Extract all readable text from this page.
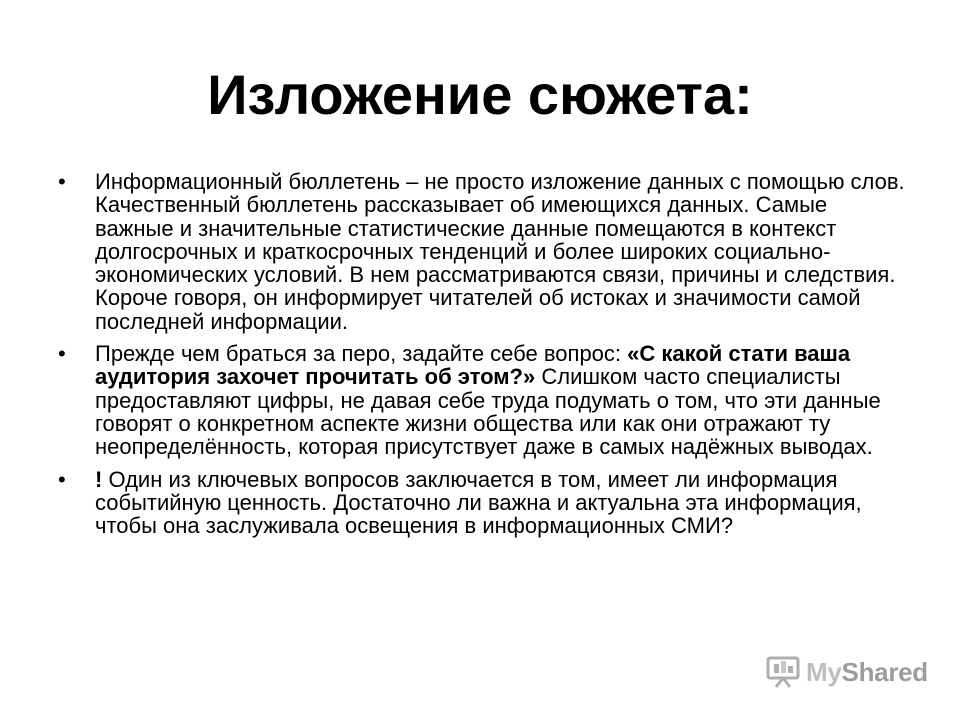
Изложение сюжета:
• Информационный бюллетень – не просто изложение данных с помощью слов. Качественный бюллетень рассказывает об имеющихся данных. Самые важные и значительные статистические данные помещаются в контекст долгосрочных и краткосрочных тенденций и более широких социально-экономических условий. В нем рассматриваются связи, причины и следствия. Короче говоря, он информирует читателей об истоках и значимости самой последней информации.
• Прежде чем браться за перо, задайте себе вопрос: «С какой стати ваша аудитория захочет прочитать об этом?» Слишком часто специалисты предоставляют цифры, не давая себе труда подумать о том, что эти данные говорят о конкретном аспекте жизни общества или как они отражают ту неопределённость, которая присутствует даже в самых надёжных выводах.
• ! Один из ключевых вопросов заключается в том, имеет ли информация событийную ценность. Достаточно ли важна и актуальна эта информация, чтобы она заслуживала освещения в информационных СМИ?
MyShared
